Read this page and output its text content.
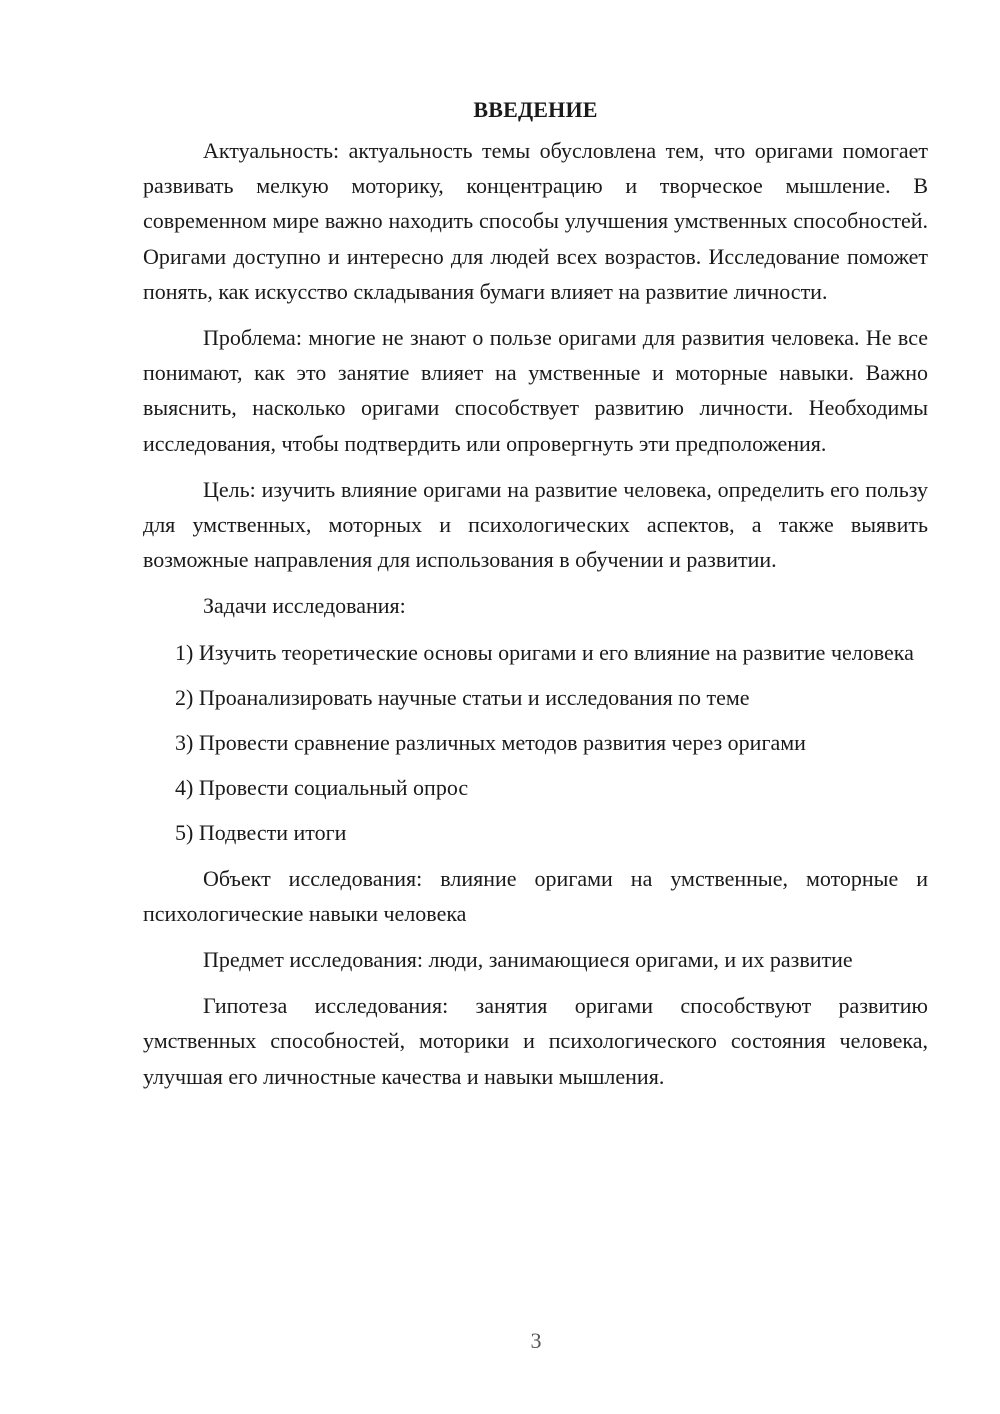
ВВЕДЕНИЕ

Актуальность: актуальность темы обусловлена тем, что оригами помогает развивать мелкую моторику, концентрацию и творческое мышление. В современном мире важно находить способы улучшения умственных способностей. Оригами доступно и интересно для людей всех возрастов. Исследование поможет понять, как искусство складывания бумаги влияет на развитие личности.

Проблема: многие не знают о пользе оригами для развития человека. Не все понимают, как это занятие влияет на умственные и моторные навыки. Важно выяснить, насколько оригами способствует развитию личности. Необходимы исследования, чтобы подтвердить или опровергнуть эти предположения.

Цель: изучить влияние оригами на развитие человека, определить его пользу для умственных, моторных и психологических аспектов, а также выявить возможные направления для использования в обучении и развитии.

Задачи исследования:

1) Изучить теоретические основы оригами и его влияние на развитие человека

2) Проанализировать научные статьи и исследования по теме

3) Провести сравнение различных методов развития через оригами

4) Провести социальный опрос

5) Подвести итоги

Объект исследования: влияние оригами на умственные, моторные и психологические навыки человека

Предмет исследования: люди, занимающиеся оригами, и их развитие

Гипотеза исследования: занятия оригами способствуют развитию умственных способностей, моторики и психологического состояния человека, улучшая его личностные качества и навыки мышления.

3
